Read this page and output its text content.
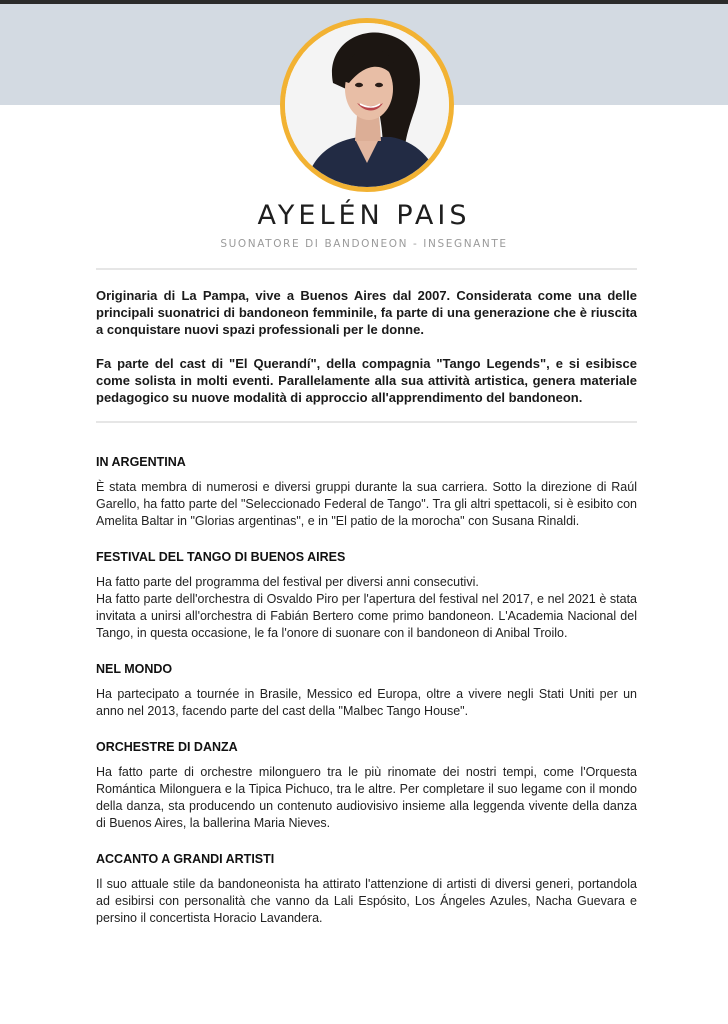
AYELÉN PAIS
SUONATORE DI BANDONEON - INSEGNANTE

Originaria di La Pampa, vive a Buenos Aires dal 2007. Considerata come una delle principali suonatrici di bandoneon femminile, fa parte di una generazione che è riuscita a conquistare nuovi spazi professionali per le donne.

Fa parte del cast di "El Querandí", della compagnia "Tango Legends", e si esibisce come solista in molti eventi. Parallelamente alla sua attività artistica, genera materiale pedagogico su nuove modalità di approccio all'apprendimento del bandoneon.

IN ARGENTINA
È stata membra di numerosi e diversi gruppi durante la sua carriera. Sotto la direzione di Raúl Garello, ha fatto parte del "Seleccionado Federal de Tango". Tra gli altri spettacoli, si è esibito con Amelita Baltar in "Glorias argentinas", e in "El patio de la morocha" con Susana Rinaldi.
FESTIVAL DEL TANGO DI BUENOS AIRES
Ha fatto parte del programma del festival per diversi anni consecutivi.
Ha fatto parte dell'orchestra di Osvaldo Piro per l'apertura del festival nel 2017, e nel 2021 è stata invitata a unirsi all'orchestra di Fabián Bertero come primo bandoneon. L'Academia Nacional del Tango, in questa occasione, le fa l'onore di suonare con il bandoneon di Anibal Troilo.
NEL MONDO
Ha partecipato a tournée in Brasile, Messico ed Europa, oltre a vivere negli Stati Uniti per un anno nel 2013, facendo parte del cast della "Malbec Tango House".
ORCHESTRE DI DANZA
Ha fatto parte di orchestre milonguero tra le più rinomate dei nostri tempi, come l'Orquesta Romántica Milonguera e la Tipica Pichuco, tra le altre. Per completare il suo legame con il mondo della danza, sta producendo un contenuto audiovisivo insieme alla leggenda vivente della danza di Buenos Aires, la ballerina Maria Nieves.
ACCANTO A GRANDI ARTISTI
Il suo attuale stile da bandoneonista ha attirato l'attenzione di artisti di diversi generi, portandola ad esibirsi con personalità che vanno da Lali Espósito, Los Ángeles Azules, Nacha Guevara e persino il concertista Horacio Lavandera.
